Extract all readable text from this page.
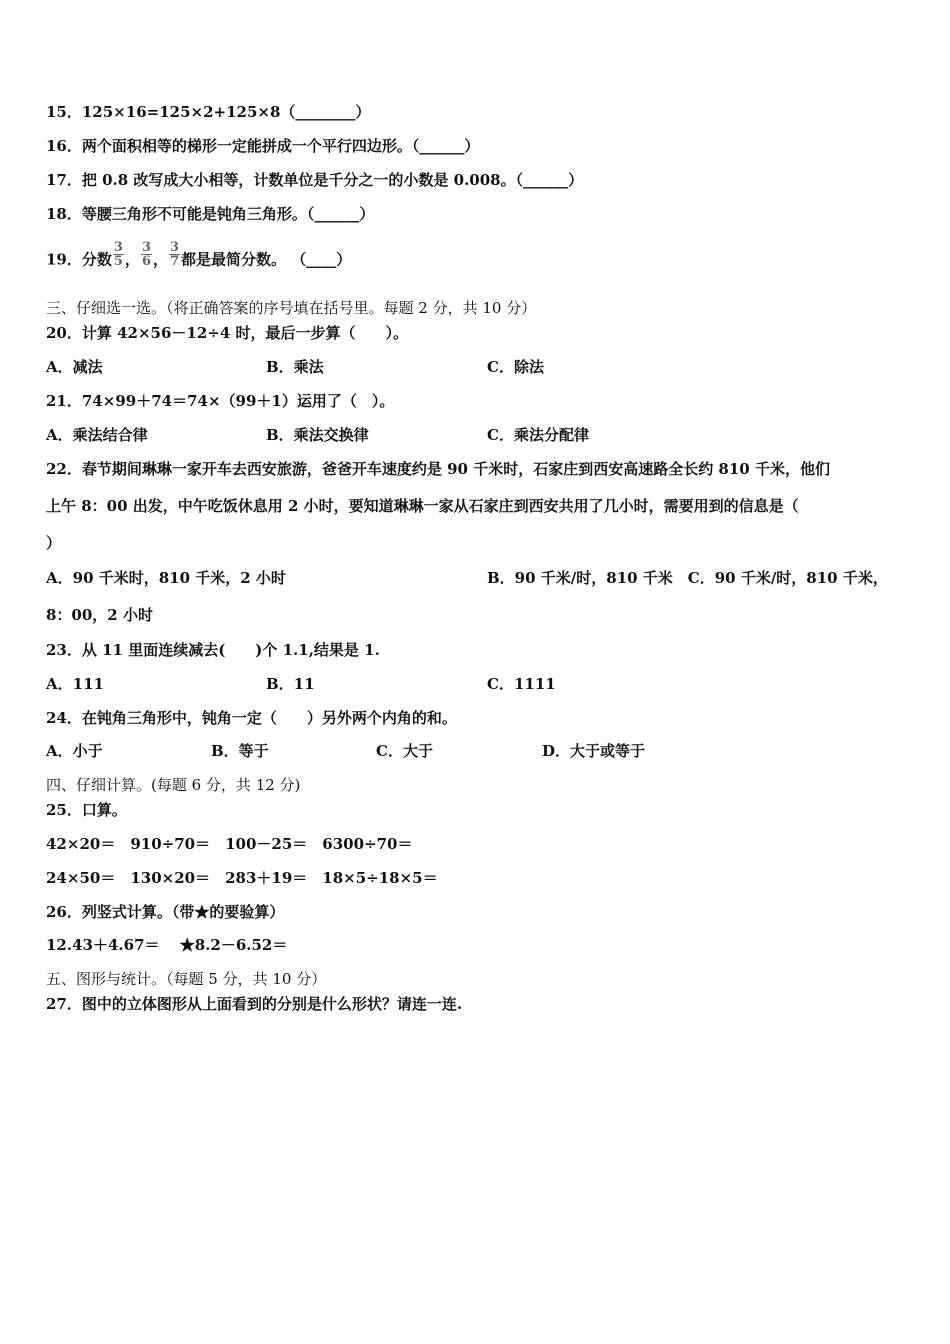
15．125×16=125×2+125×8（________）
16．两个面积相等的梯形一定能拼成一个平行四边形。（______）
17．把 0.8 改写成大小相等，计数单位是千分之一的小数是 0.008。（______）
18．等腰三角形不可能是钝角三角形。（______）
19．分数 $\frac{3}{5}$ ， $\frac{3}{6}$ ， $\frac{3}{7}$ 都是最简分数。 （____）
三、仔细选一选。（将正确答案的序号填在括号里。每题 2 分，共 10 分）
20．计算 42×56－12÷4 时，最后一步算（　　）。
A．减法	B．乘法	C．除法
21．74×99＋74＝74×（99＋1）运用了（　）。
A．乘法结合律	B．乘法交换律	C．乘法分配律
22．春节期间琳琳一家开车去西安旅游，爸爸开车速度约是 90 千米时，石家庄到西安高速路全长约 810 千米，他们
上午 8：00 出发，中午吃饭休息用 2 小时，要知道琳琳一家从石家庄到西安共用了几小时，需要用到的信息是（
）
A．90 千米时，810 千米，2 小时	B．90 千米/时，810 千米　C．90 千米/时，810 千米，
8：00，2 小时
23．从 11 里面连续减去(　　)个 1.1,结果是 1.
A．111	B．11	C．1111
24．在钝角三角形中，钝角一定（　　）另外两个内角的和。
A．小于	B．等于	C．大于	D．大于或等于
四、仔细计算。(每题 6 分，共 12 分)
25．口算。
42×20＝　910÷70＝　100－25＝　6300÷70＝
24×50＝　130×20＝　283＋19＝　18×5÷18×5＝
26．列竖式计算。（带★的要验算）
12.43＋4.67＝　 ★8.2－6.52＝
五、图形与统计。（每题 5 分，共 10 分）
27．图中的立体图形从上面看到的分别是什么形状？请连一连.
